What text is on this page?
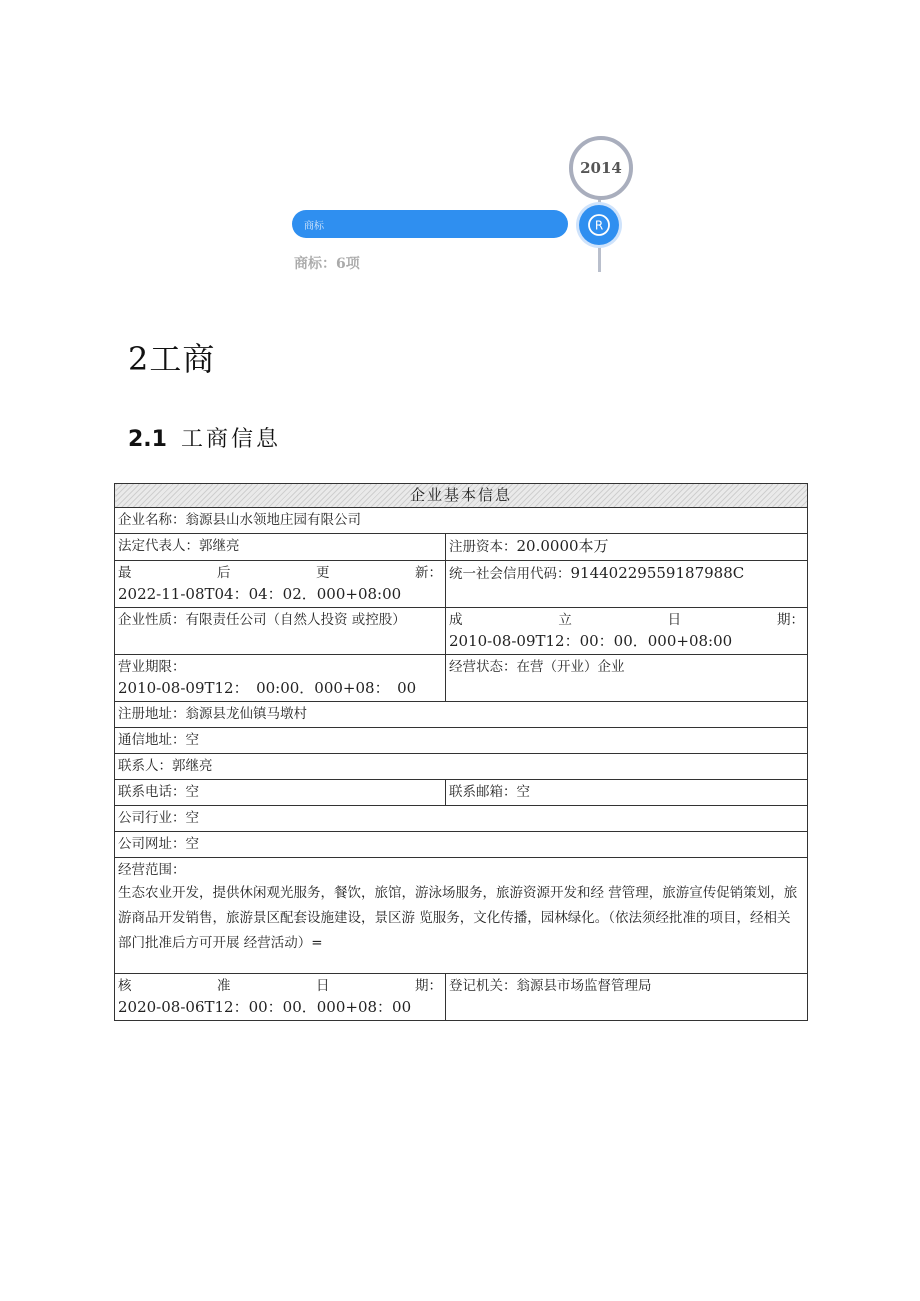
2014
商标	R
商标：6项
2工商
2.1 工商信息
企业基本信息	
企业名称：翁源县山水领地庄园有限公司	
法定代表人：郭继亮	注册资本：20.0000本万

最 后 更 新：
2022-11-08T04：04：02．000+08:00	统一社会信用代码：91440229559187988C
企业性质：有限责任公司（自然人投资 或控股）	成 立 日 期：
2010-08-09T12：00：00．000+08:00

营业期限：
2010-08-09T12：　00:00．000+08：　00	经营状态：在营（开业）企业
注册地址：翁源县龙仙镇马墩村	
通信地址：空	
联系人：郭继亮	
联系电话：空	联系邮箱：空
公司行业：空	
公司网址：空	

经营范围：
生态农业开发，提供休闲观光服务，餐饮，旅馆，游泳场服务，旅游资源开发和经 营管理，旅游宣传促销策划，旅游商品开发销售，旅游景区配套设施建设，景区游 览服务，文化传播，园林绿化。（依法须经批准的项目，经相关部门批准后方可开展 经营活动）=	

核 准 日 期：
2020-08-06T12：00：00．000+08：00	登记机关：翁源县市场监督管理局
